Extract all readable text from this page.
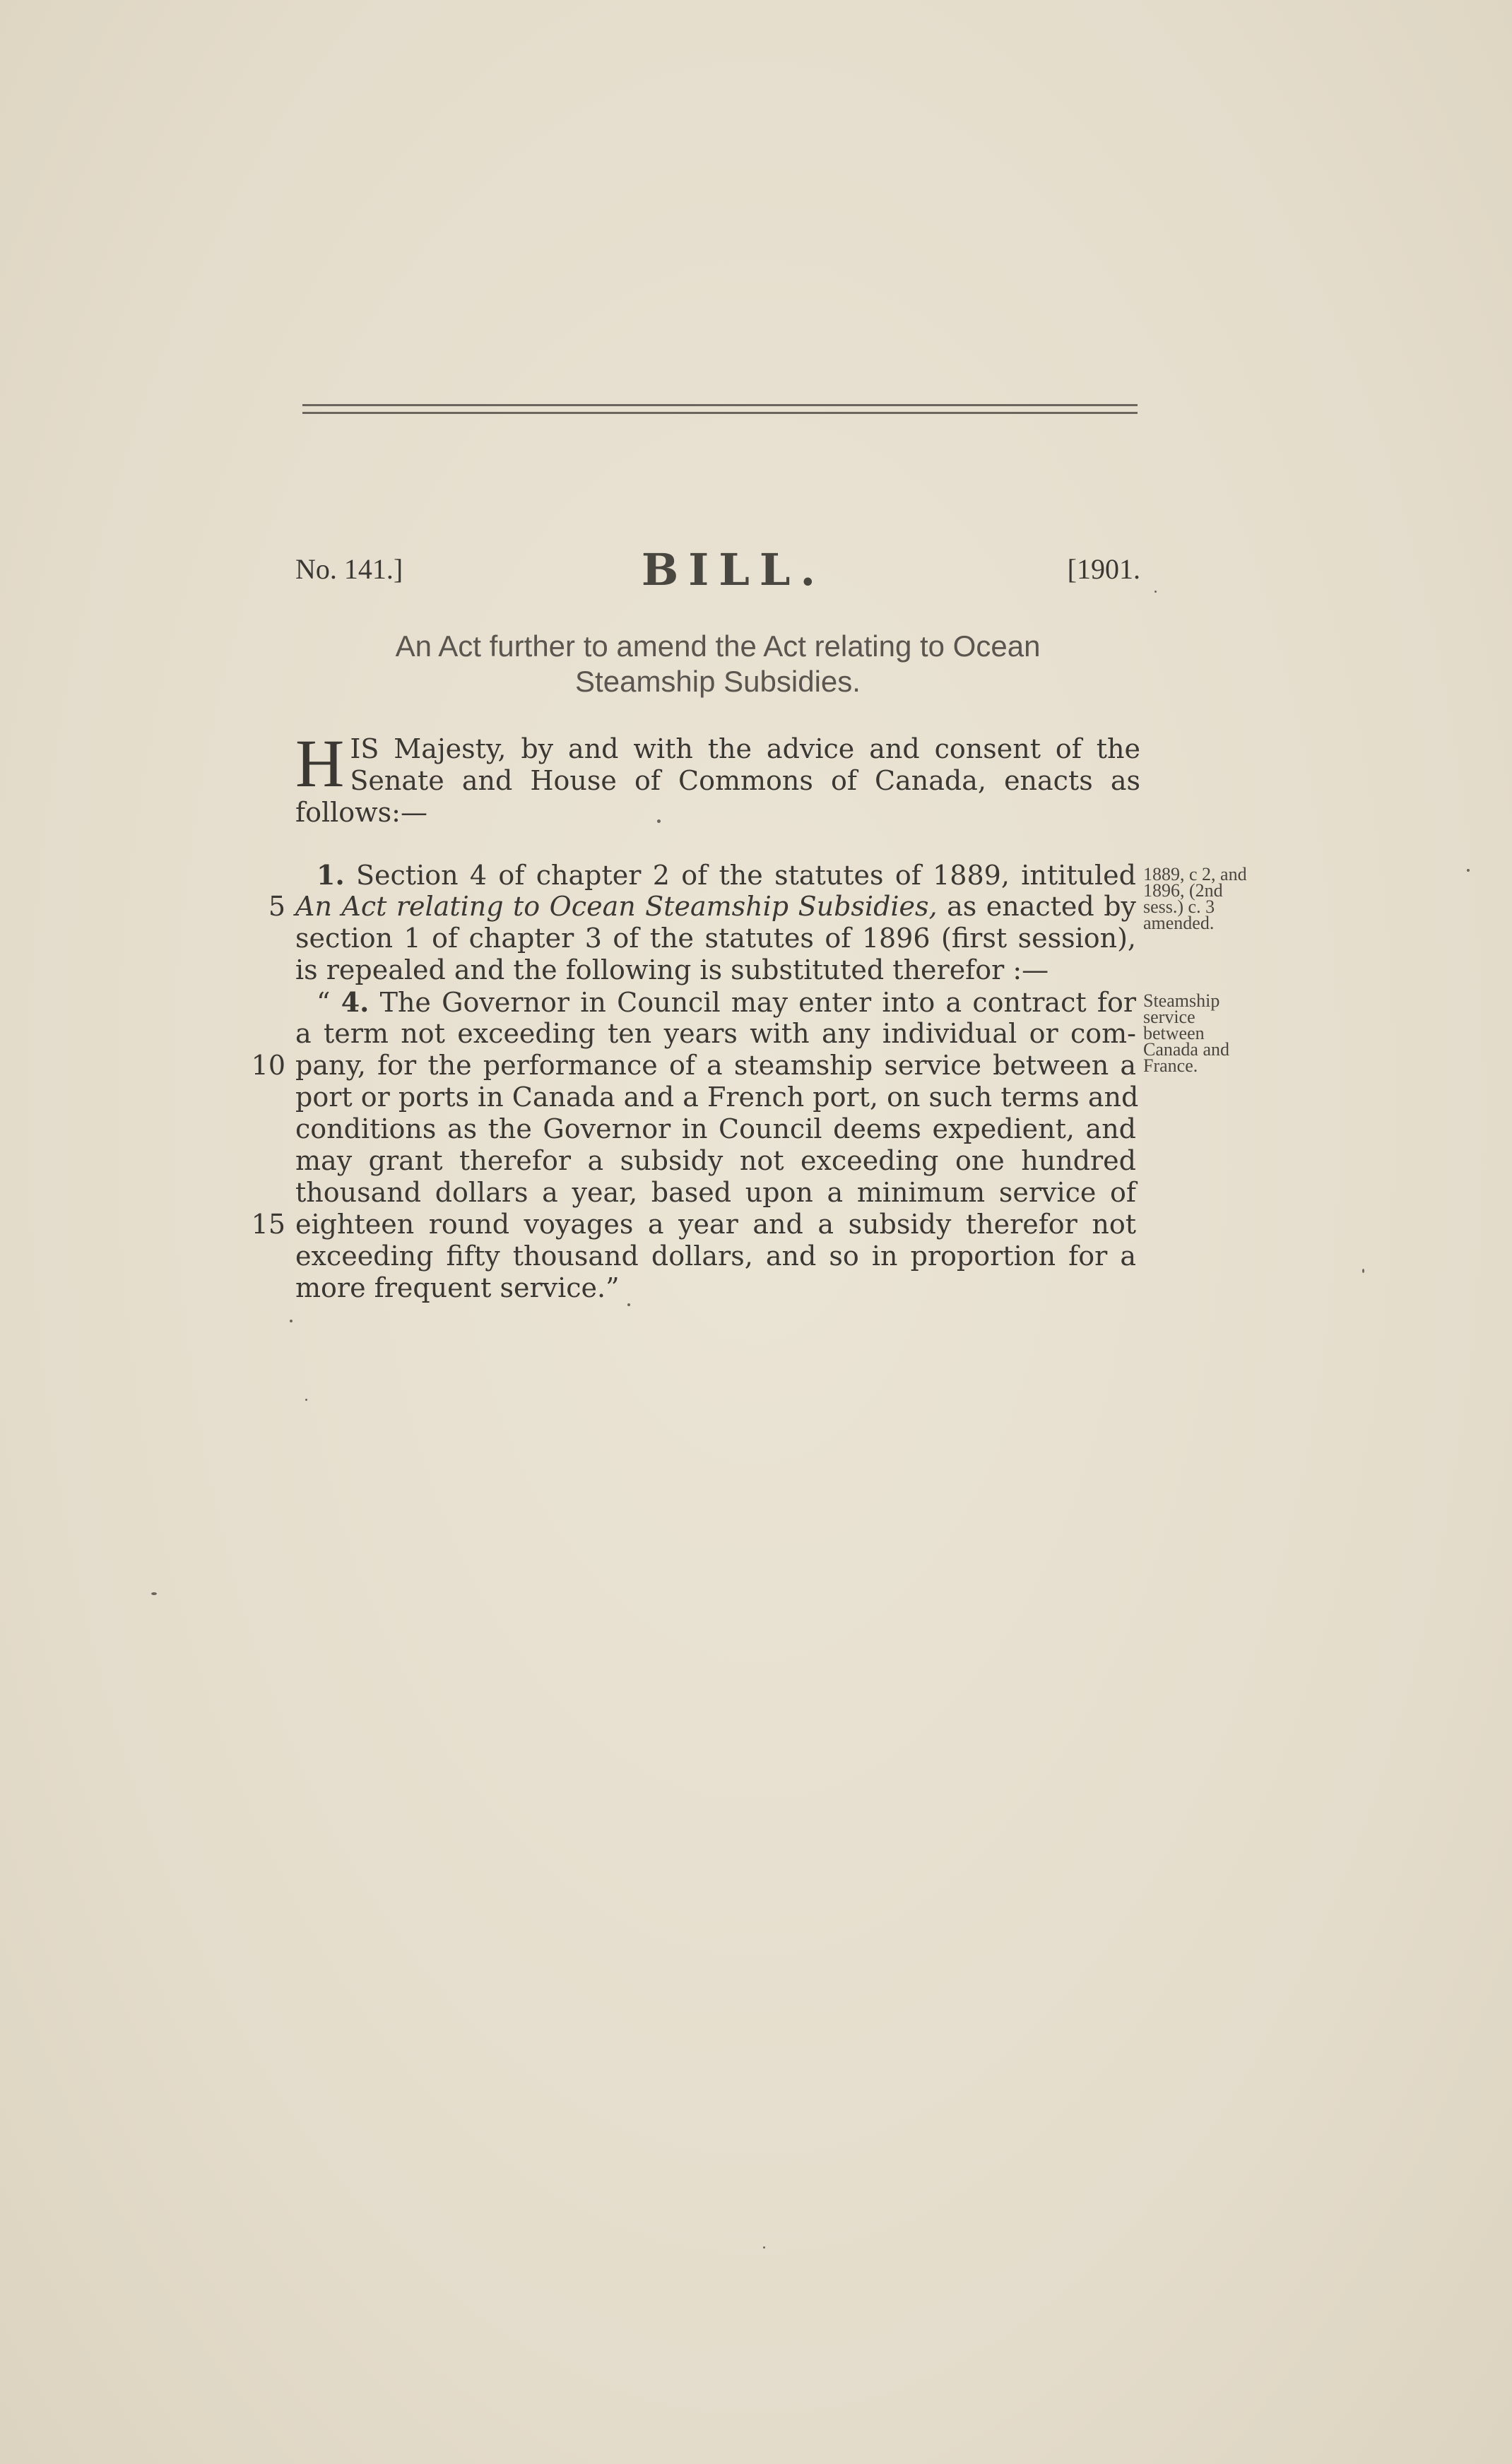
No. 141.]	BILL.	[1901.
An Act further to amend the Act relating to Ocean
Steamship Subsidies.
H IS Majesty, by and with the advice and consent of the
Senate and House of Commons of Canada, enacts as
follows:—
1. Section 4 of chapter 2 of the statutes of 1889, intituled
5 An Act relating to Ocean Steamship Subsidies, as enacted by
section 1 of chapter 3 of the statutes of 1896 (first session),
is repealed and the following is substituted therefor :—
“ 4. The Governor in Council may enter into a contract for
a term not exceeding ten years with any individual or com-
10 pany, for the performance of a steamship service between a
port or ports in Canada and a French port, on such terms and
conditions as the Governor in Council deems expedient, and
may grant therefor a subsidy not exceeding one hundred
thousand dollars a year, based upon a minimum service of
15 eighteen round voyages a year and a subsidy therefor not
exceeding fifty thousand dollars, and so in proportion for a
more frequent service.”
1889, c 2, and
1896, (2nd
sess.) c. 3
amended.
Steamship
service
between
Canada and
France.
